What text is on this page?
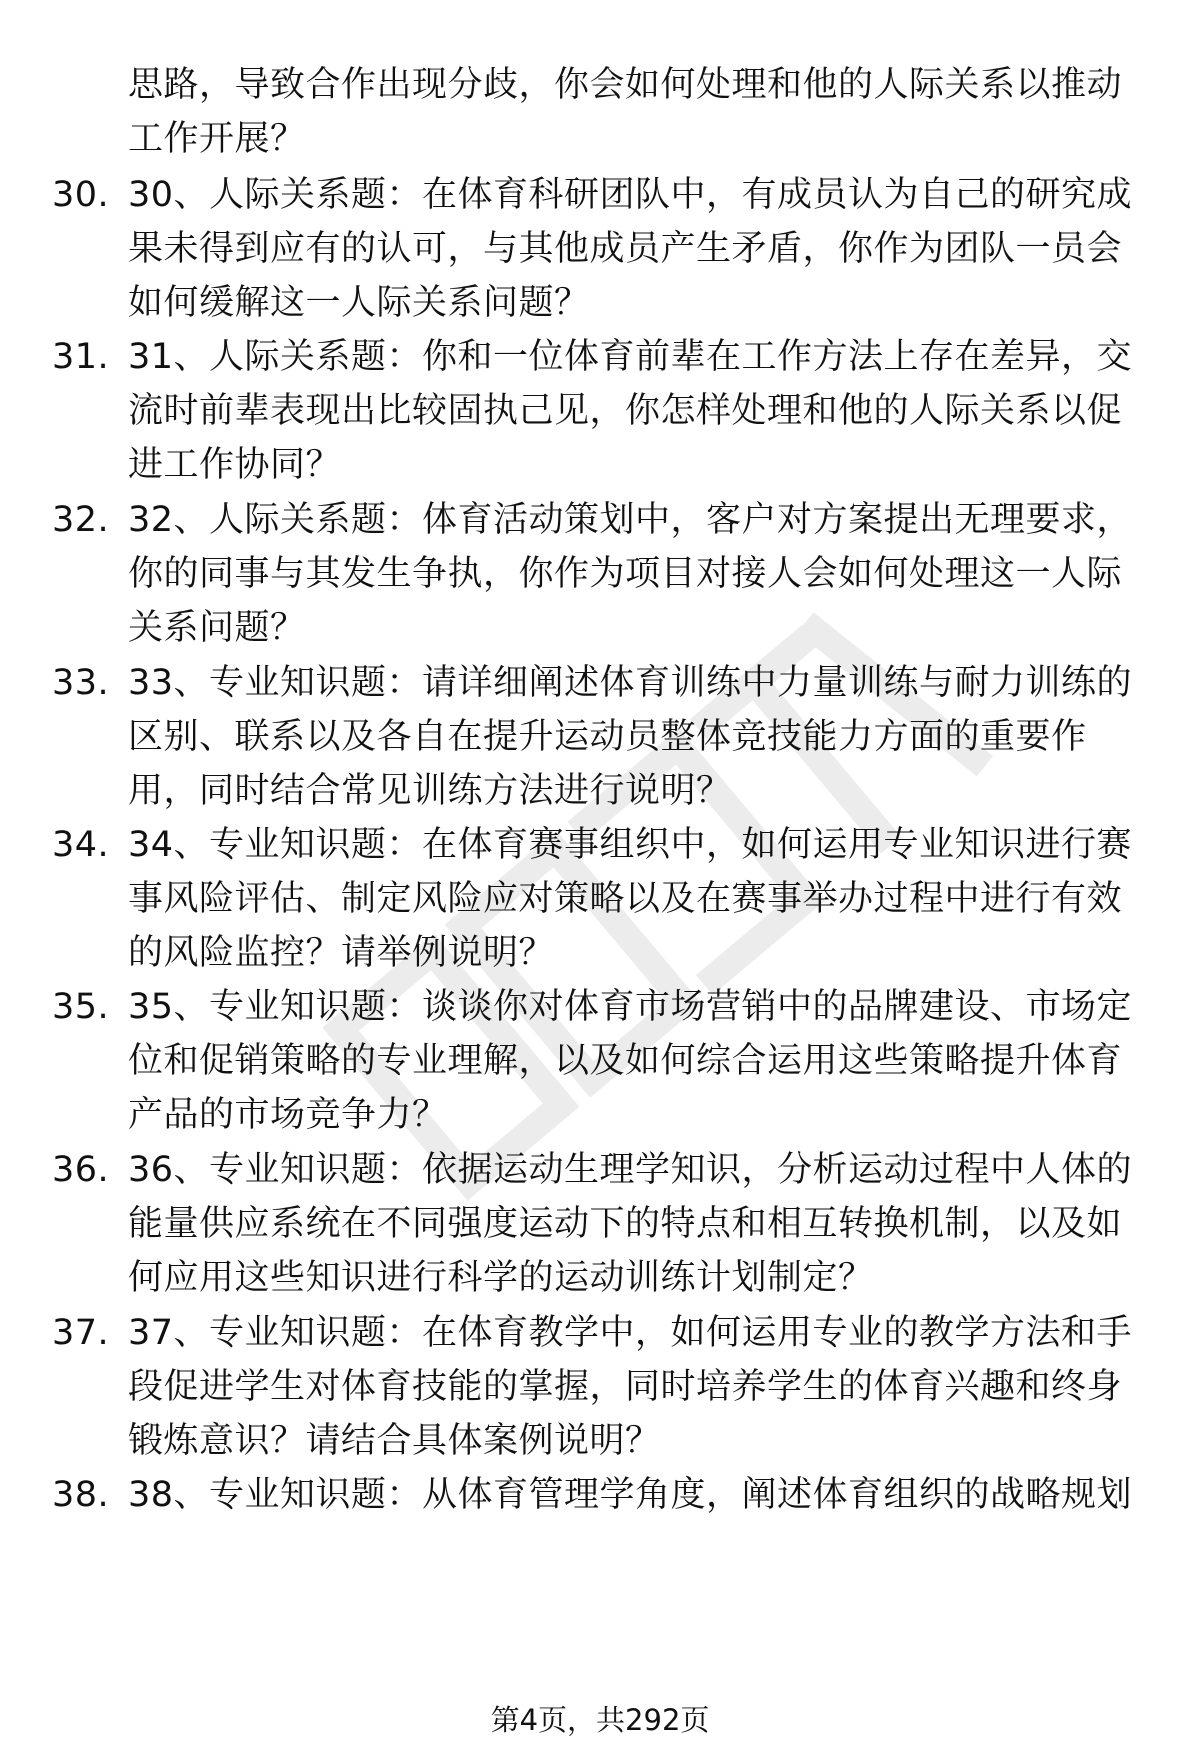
思路，导致合作出现分歧，你会如何处理和他的人际关系以推动
工作开展？
30. 30、人际关系题：在体育科研团队中，有成员认为自己的研究成
果未得到应有的认可，与其他成员产生矛盾，你作为团队一员会
如何缓解这一人际关系问题？
31. 31、人际关系题：你和一位体育前辈在工作方法上存在差异，交
流时前辈表现出比较固执己见，你怎样处理和他的人际关系以促
进工作协同？
32. 32、人际关系题：体育活动策划中，客户对方案提出无理要求，
你的同事与其发生争执，你作为项目对接人会如何处理这一人际
关系问题？
33. 33、专业知识题：请详细阐述体育训练中力量训练与耐力训练的
区别、联系以及各自在提升运动员整体竞技能力方面的重要作
用，同时结合常见训练方法进行说明？
34. 34、专业知识题：在体育赛事组织中，如何运用专业知识进行赛
事风险评估、制定风险应对策略以及在赛事举办过程中进行有效
的风险监控？请举例说明？
35. 35、专业知识题：谈谈你对体育市场营销中的品牌建设、市场定
位和促销策略的专业理解，以及如何综合运用这些策略提升体育
产品的市场竞争力？
36. 36、专业知识题：依据运动生理学知识，分析运动过程中人体的
能量供应系统在不同强度运动下的特点和相互转换机制，以及如
何应用这些知识进行科学的运动训练计划制定？
37. 37、专业知识题：在体育教学中，如何运用专业的教学方法和手
段促进学生对体育技能的掌握，同时培养学生的体育兴趣和终身
锻炼意识？请结合具体案例说明？
38. 38、专业知识题：从体育管理学角度，阐述体育组织的战略规划
第4页，共292页
